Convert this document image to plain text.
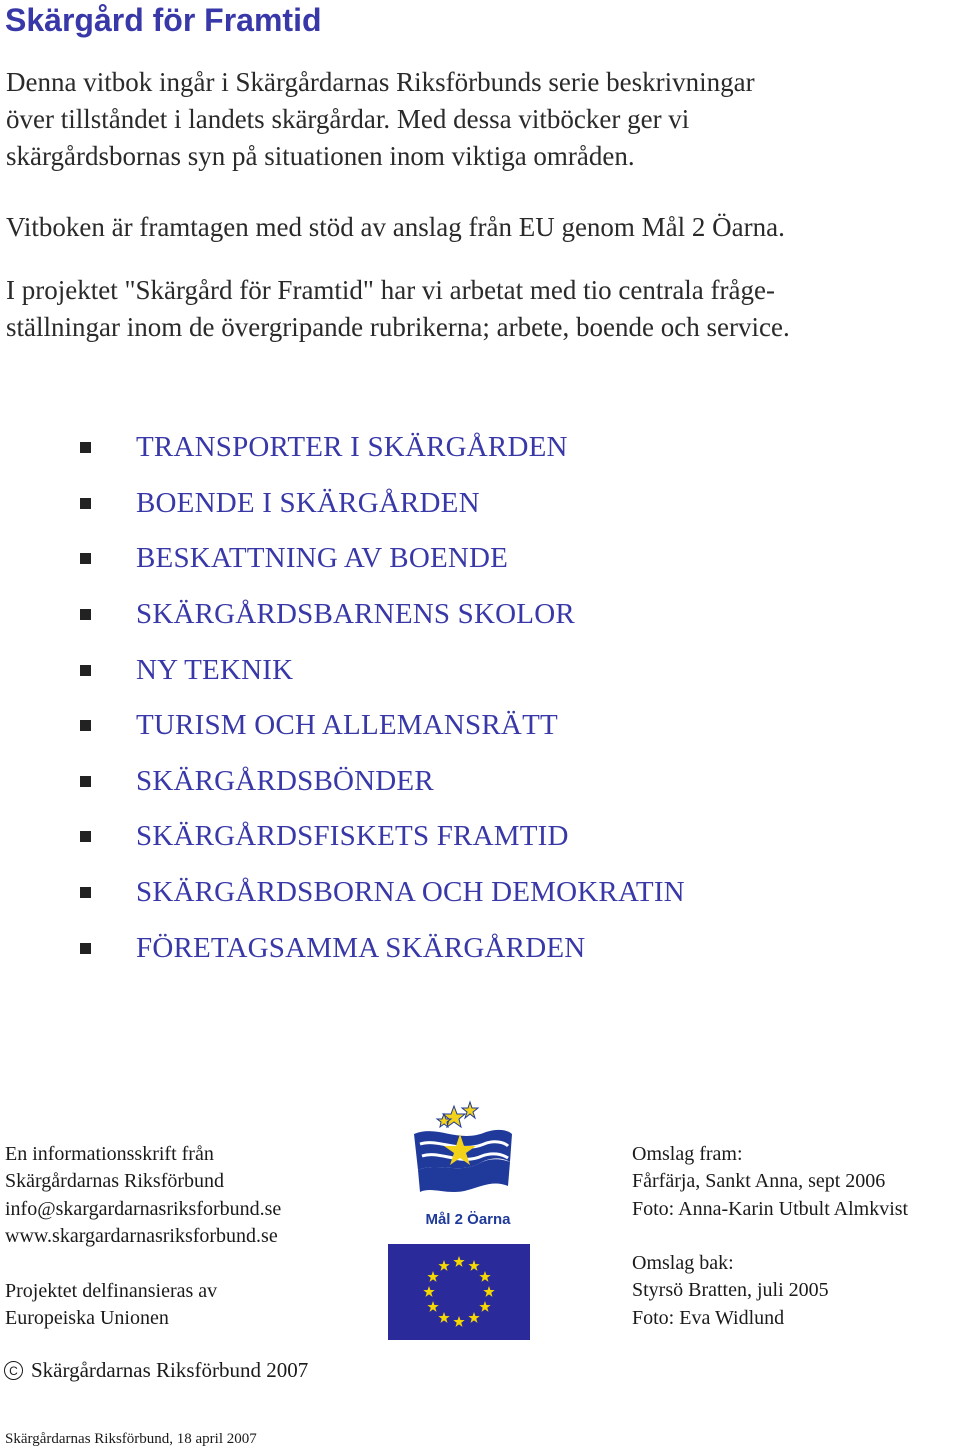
Skärgård för Framtid
Denna vitbok ingår i Skärgårdarnas Riksförbunds serie beskrivningar
över tillståndet i landets skärgårdar. Med dessa vitböcker ger vi
skärgårdsbornas syn på situationen inom viktiga områden.
Vitboken är framtagen med stöd av anslag från EU genom Mål 2 Öarna.
I projektet "Skärgård för Framtid" har vi arbetat med tio centrala fråge-
ställningar inom de övergripande rubrikerna; arbete, boende och service.
TRANSPORTER I SKÄRGÅRDEN
BOENDE I SKÄRGÅRDEN
BESKATTNING AV BOENDE
SKÄRGÅRDSBARNENS SKOLOR
NY TEKNIK
TURISM OCH ALLEMANSRÄTT
SKÄRGÅRDSBÖNDER
SKÄRGÅRDSFISKETS FRAMTID
SKÄRGÅRDSBORNA OCH DEMOKRATIN
FÖRETAGSAMMA SKÄRGÅRDEN
En informationsskrift från
Skärgårdarnas Riksförbund
info@skargardarnasriksforbund.se
www.skargardarnasriksforbund.se
Projektet delfinansieras av
Europeiska Unionen
Mål 2 Öarna
Omslag fram:
Fårfärja, Sankt Anna, sept 2006
Foto: Anna-Karin Utbult Almkvist
Omslag bak:
Styrsö Bratten, juli 2005
Foto: Eva Widlund
C Skärgårdarnas Riksförbund 2007
Skärgårdarnas Riksförbund, 18 april 2007
